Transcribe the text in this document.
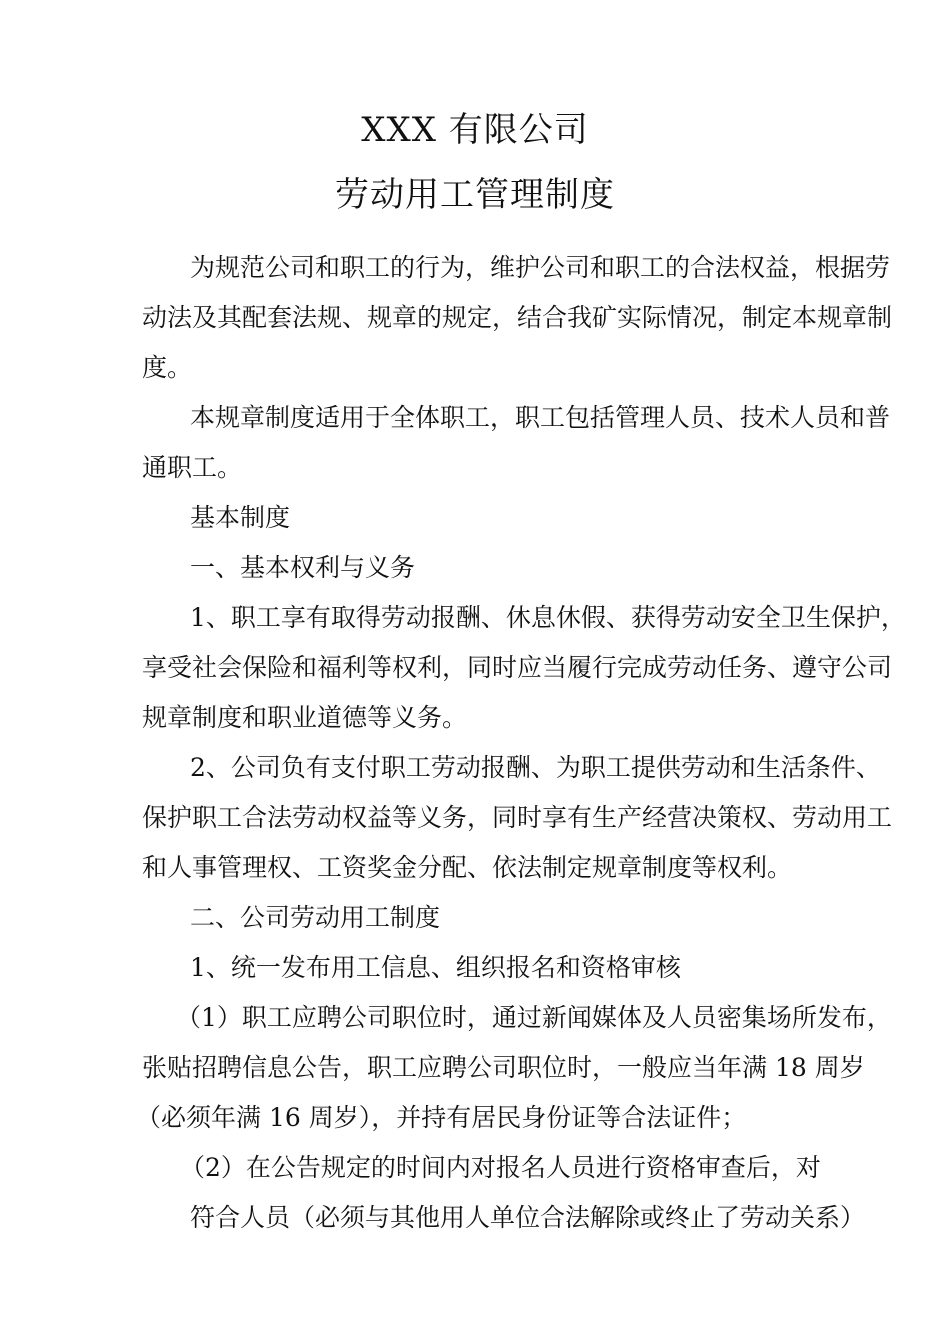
XXX 有限公司
劳动用工管理制度
为规范公司和职工的行为，维护公司和职工的合法权益，根据劳
动法及其配套法规、规章的规定，结合我矿实际情况，制定本规章制
度。
本规章制度适用于全体职工，职工包括管理人员、技术人员和普
通职工。
基本制度
一、基本权利与义务
1、职工享有取得劳动报酬、休息休假、获得劳动安全卫生保护，
享受社会保险和福利等权利，同时应当履行完成劳动任务、遵守公司
规章制度和职业道德等义务。
2、公司负有支付职工劳动报酬、为职工提供劳动和生活条件、
保护职工合法劳动权益等义务，同时享有生产经营决策权、劳动用工
和人事管理权、工资奖金分配、依法制定规章制度等权利。
二、公司劳动用工制度
1、统一发布用工信息、组织报名和资格审核
（1）职工应聘公司职位时，通过新闻媒体及人员密集场所发布，
张贴招聘信息公告，职工应聘公司职位时，一般应当年满 18 周岁
（必须年满 16 周岁），并持有居民身份证等合法证件；
（2）在公告规定的时间内对报名人员进行资格审查后，对
符合人员（必须与其他用人单位合法解除或终止了劳动关系）
